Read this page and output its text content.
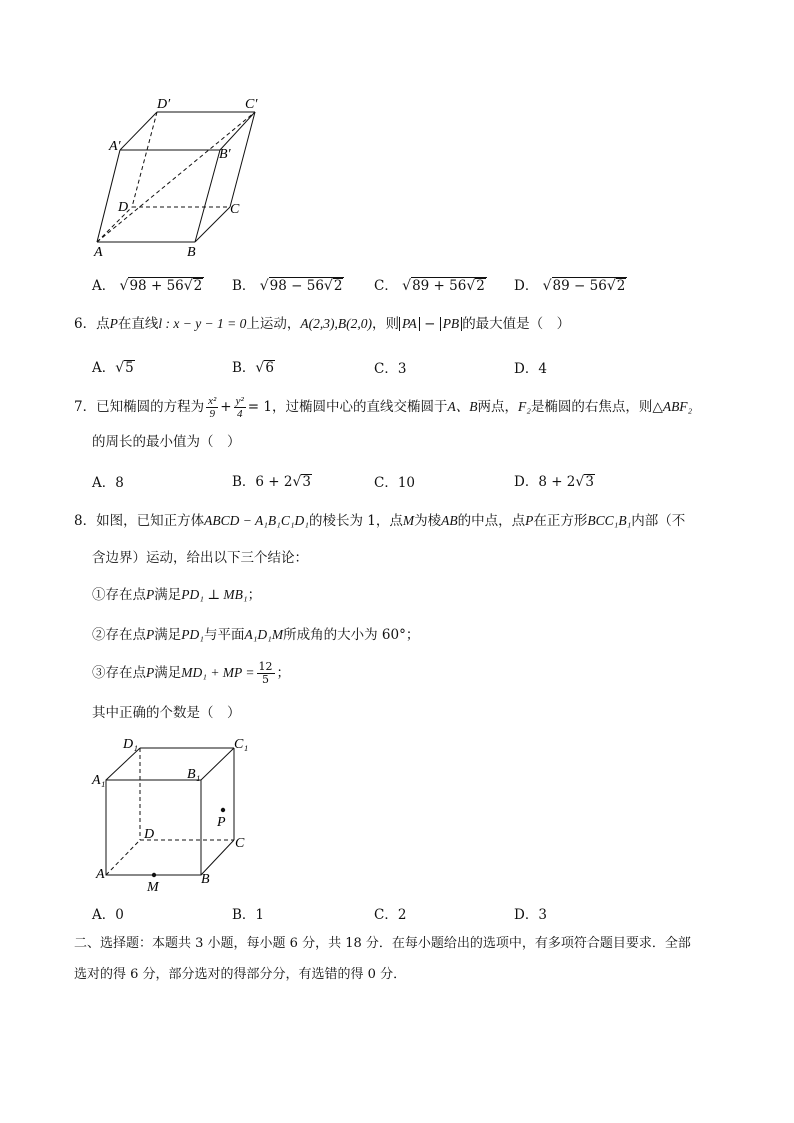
D′	C′
A′
B′
D	C
A	B
A． √98 + 56√2 B． √98 − 56√2 C． √89 + 56√2 D． √89 − 56√2
6．点P在直线l : x − y − 1 = 0上运动，A(2,3),B(2,0)，则 PA − PB 的最大值是（　）
A．√5	B．√6	C．3	D．4
7．已知椭圆的方程为 $\frac{\text{x²}}{9} + \frac{\text{y²}}{4} = 1$，过椭圆中心的直线交椭圆于A、B两点，F₂是椭圆的右焦点，则△ABF₂
的周长的最小值为（　）
A．8	B．6 + 2√3	C．10	D．8 + 2√3
8．如图，已知正方体ABCD − A₁B₁C₁D₁的棱长为 1，点M为棱AB的中点，点P在正方形BCC₁B₁内部（不
含边界）运动，给出以下三个结论：
①存在点P满足PD₁ ⊥ MB₁；
②存在点P满足PD₁与平面A₁D₁M所成角的大小为 60°；
③存在点P满足MD₁ + MP = $\frac{12}{5}$ ；
其中正确的个数是（　）
D₁	C₁
A₁	B₁
P
D
C
A
M
B
A．0	B．1	C．2	D．3
二、选择题：本题共 3 小题，每小题 6 分，共 18 分．在每小题给出的选项中，有多项符合题目要求．全部
选对的得 6 分，部分选对的得部分分，有选错的得 0 分．
